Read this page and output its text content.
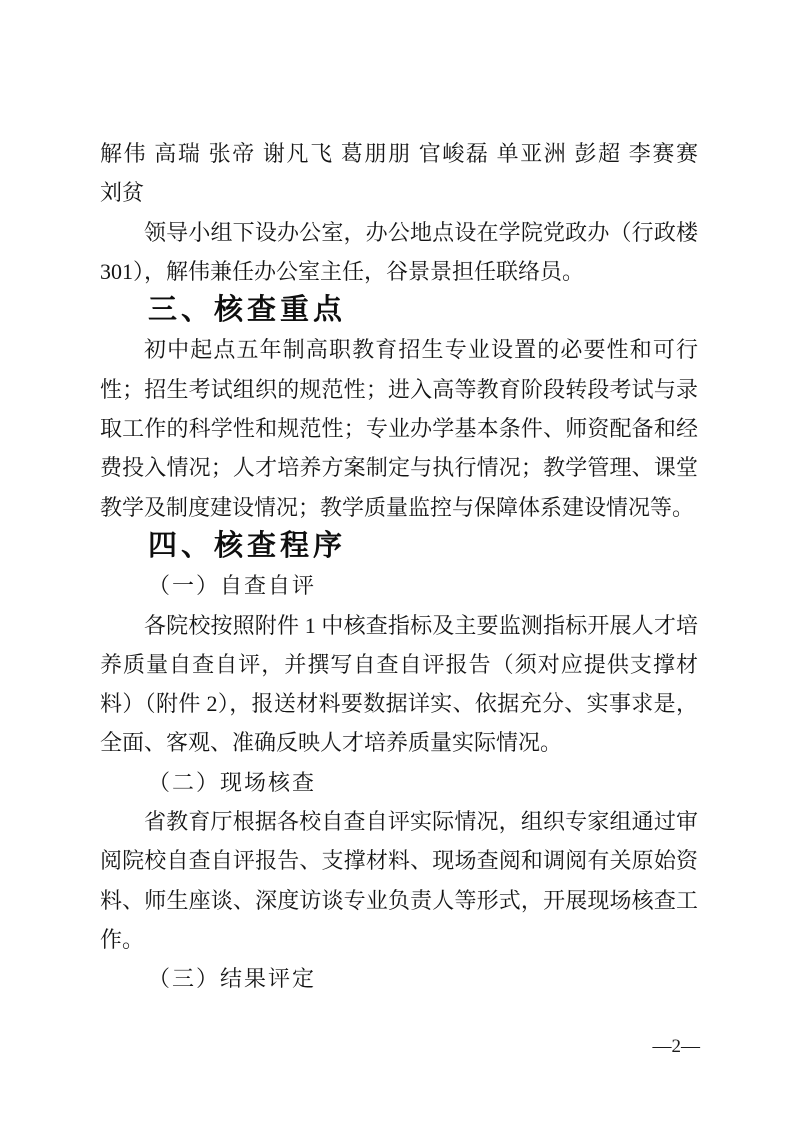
解伟 高瑞 张帝 谢凡飞 葛朋朋 官峻磊 单亚洲 彭超 李赛赛

刘贫

领导小组下设办公室，办公地点设在学院党政办（行政楼301），解伟兼任办公室主任，谷景景担任联络员。

三、核查重点

初中起点五年制高职教育招生专业设置的必要性和可行性；招生考试组织的规范性；进入高等教育阶段转段考试与录取工作的科学性和规范性；专业办学基本条件、师资配备和经费投入情况；人才培养方案制定与执行情况；教学管理、课堂教学及制度建设情况；教学质量监控与保障体系建设情况等。

四、核查程序

（一）自查自评

各院校按照附件 1 中核查指标及主要监测指标开展人才培养质量自查自评，并撰写自查自评报告（须对应提供支撑材料）（附件 2），报送材料要数据详实、依据充分、实事求是，全面、客观、准确反映人才培养质量实际情况。

（二）现场核查

省教育厅根据各校自查自评实际情况，组织专家组通过审阅院校自查自评报告、支撑材料、现场查阅和调阅有关原始资料、师生座谈、深度访谈专业负责人等形式，开展现场核查工作。

（三）结果评定

—2—
